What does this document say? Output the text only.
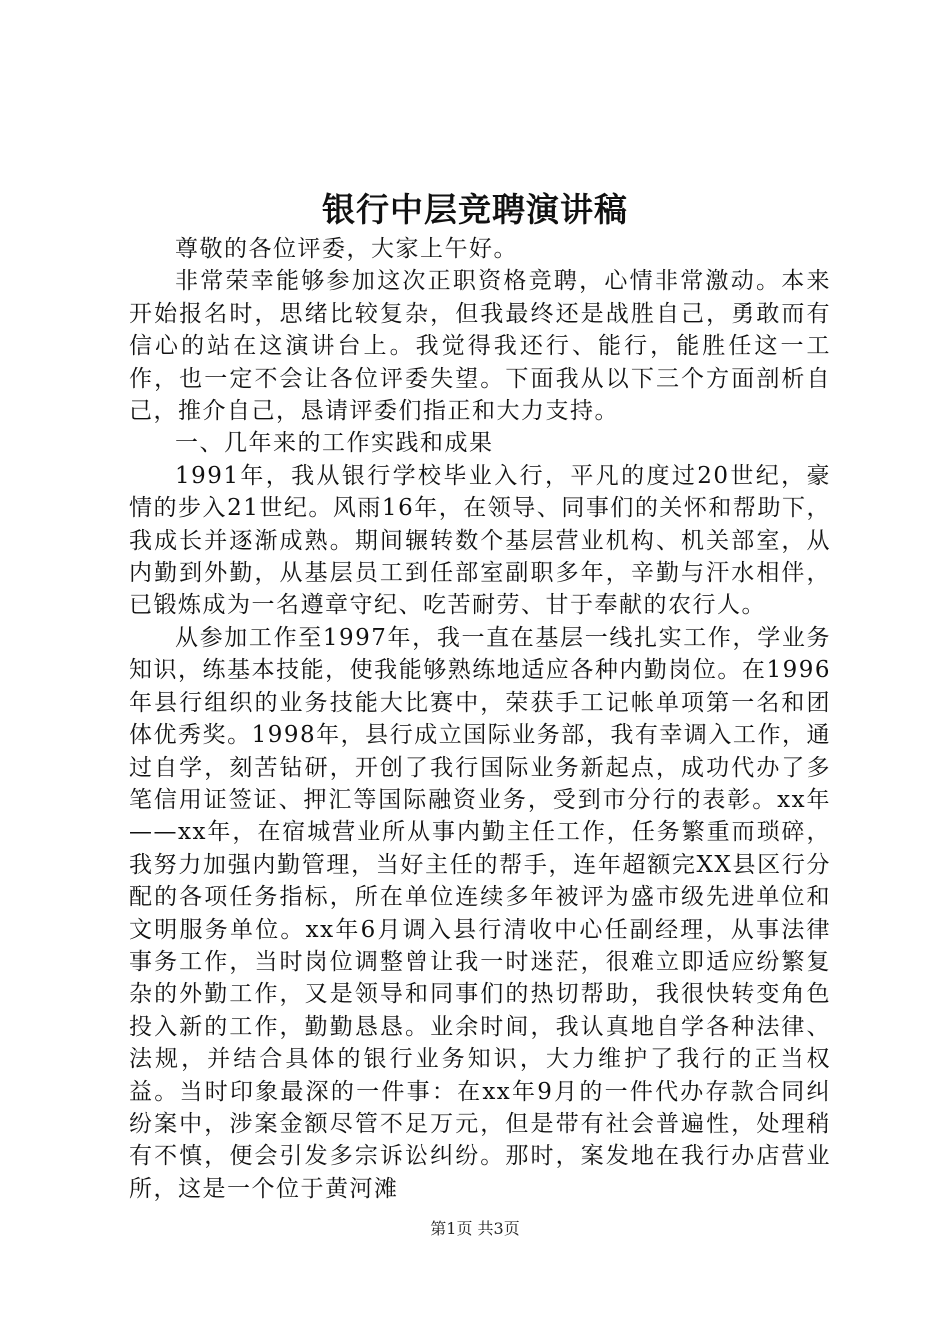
银行中层竞聘演讲稿

尊敬的各位评委，大家上午好。

非常荣幸能够参加这次正职资格竞聘，心情非常激动。本来开始报名时，思绪比较复杂，但我最终还是战胜自己，勇敢而有信心的站在这演讲台上。我觉得我还行、能行，能胜任这一工作，也一定不会让各位评委失望。下面我从以下三个方面剖析自己，推介自己，恳请评委们指正和大力支持。

一、几年来的工作实践和成果

1991年，我从银行学校毕业入行，平凡的度过20世纪，豪情的步入21世纪。风雨16年，在领导、同事们的关怀和帮助下，我成长并逐渐成熟。期间辗转数个基层营业机构、机关部室，从内勤到外勤，从基层员工到任部室副职多年，辛勤与汗水相伴，已锻炼成为一名遵章守纪、吃苦耐劳、甘于奉献的农行人。

从参加工作至1997年，我一直在基层一线扎实工作，学业务知识，练基本技能，使我能够熟练地适应各种内勤岗位。在1996年县行组织的业务技能大比赛中，荣获手工记帐单项第一名和团体优秀奖。1998年，县行成立国际业务部，我有幸调入工作，通过自学，刻苦钻研，开创了我行国际业务新起点，成功代办了多笔信用证签证、押汇等国际融资业务，受到市分行的表彰。xx年——xx年，在宿城营业所从事内勤主任工作，任务繁重而琐碎，我努力加强内勤管理，当好主任的帮手，连年超额完XX县区行分配的各项任务指标，所在单位连续多年被评为盛市级先进单位和文明服务单位。xx年6月调入县行清收中心任副经理，从事法律事务工作，当时岗位调整曾让我一时迷茫，很难立即适应纷繁复杂的外勤工作，又是领导和同事们的热切帮助，我很快转变角色投入新的工作，勤勤恳恳。业余时间，我认真地自学各种法律、法规，并结合具体的银行业务知识，大力维护了我行的正当权益。当时印象最深的一件事：在xx年9月的一件代办存款合同纠纷案中，涉案金额尽管不足万元，但是带有社会普遍性，处理稍有不慎，便会引发多宗诉讼纠纷。那时，案发地在我行办店营业所，这是一个位于黄河滩

第1页 共3页
